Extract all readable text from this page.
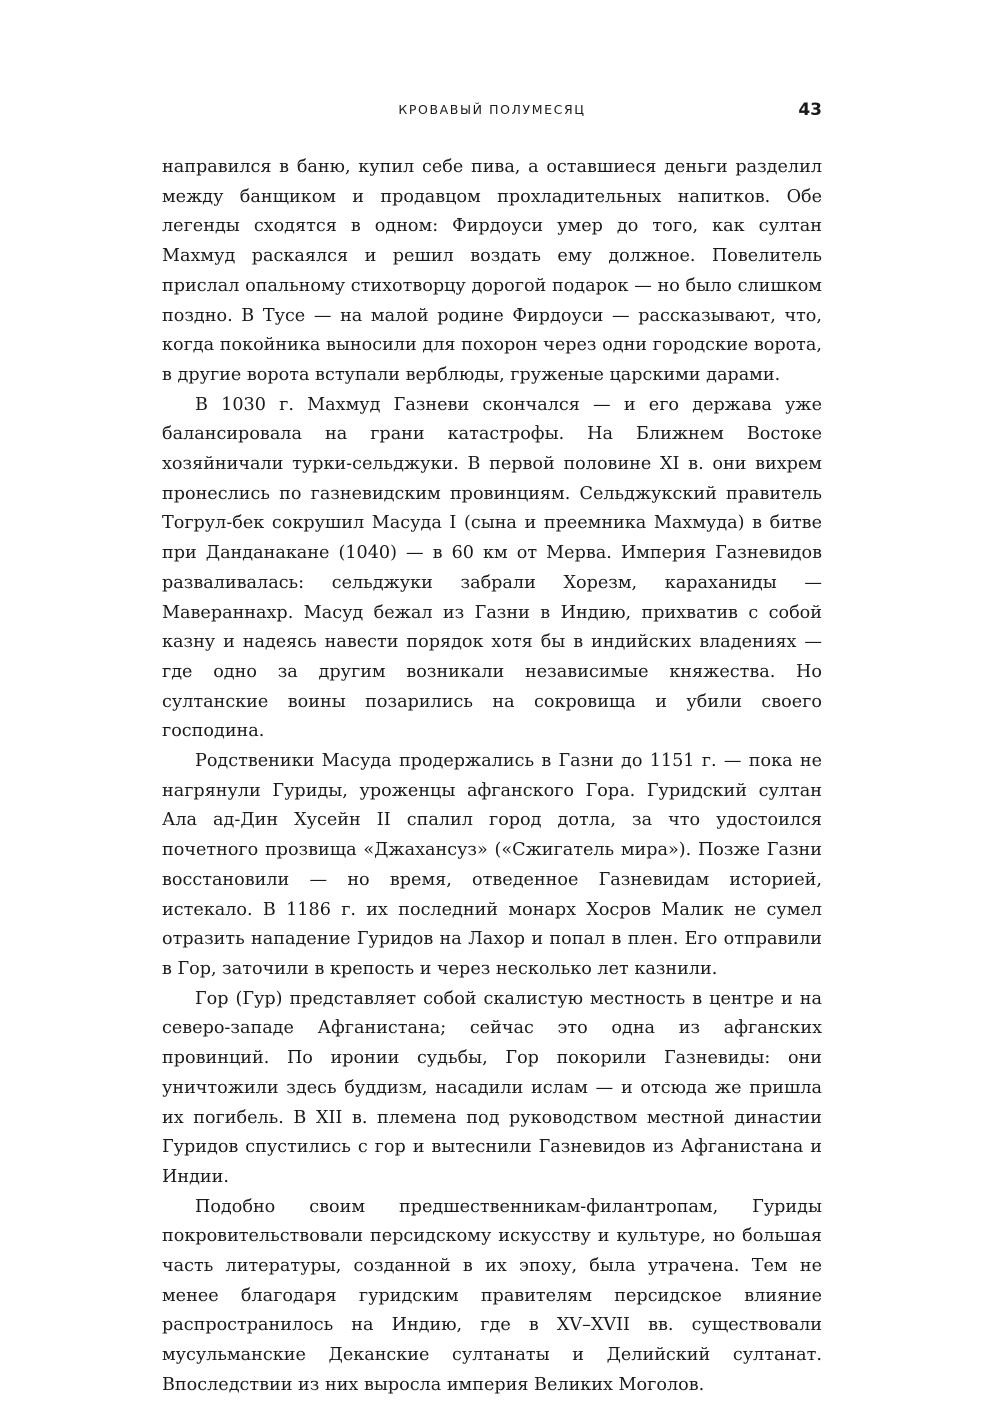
КРОВАВЫЙ ПОЛУМЕСЯЦ	43

направился в баню, купил себе пива, а оставшиеся деньги разделил между банщиком и продавцом прохладительных напитков. Обе легенды сходятся в одном: Фирдоуси умер до того, как султан Махмуд раскаялся и решил воздать ему должное. Повелитель прислал опальному стихотворцу дорогой подарок — но было слишком поздно. В Тусе — на малой родине Фирдоуси — рассказывают, что, когда покойника выносили для похорон через одни городские ворота, в другие ворота вступали верблюды, груженые царскими дарами.

В 1030 г. Махмуд Газневи скончался — и его держава уже балансировала на грани катастрофы. На Ближнем Востоке хозяйничали турки-сельджуки. В первой половине XI в. они вихрем пронеслись по газневидским провинциям. Сельджукский правитель Тогрул-бек сокрушил Масуда I (сына и преемника Махмуда) в битве при Данданакане (1040) — в 60 км от Мерва. Империя Газневидов разваливалась: сельджуки забрали Хорезм, караханиды — Мавераннахр. Масуд бежал из Газни в Индию, прихватив с собой казну и надеясь навести порядок хотя бы в индийских владениях — где одно за другим возникали независимые княжества. Но султанские воины позарились на сокровища и убили своего господина.

Родственики Масуда продержались в Газни до 1151 г. — пока не нагрянули Гуриды, уроженцы афганского Гора. Гуридский султан Ала ад-Дин Хусейн II спалил город дотла, за что удостоился почетного прозвища «Джахансуз» («Сжигатель мира»). Позже Газни восстановили — но время, отведенное Газневидам историей, истекало. В 1186 г. их последний монарх Хосров Малик не сумел отразить нападение Гуридов на Лахор и попал в плен. Его отправили в Гор, заточили в крепость и через несколько лет казнили.

Гор (Гур) представляет собой скалистую местность в центре и на северо-западе Афганистана; сейчас это одна из афганских провинций. По иронии судьбы, Гор покорили Газневиды: они уничтожили здесь буддизм, насадили ислам — и отсюда же пришла их погибель. В XII в. племена под руководством местной династии Гуридов спустились с гор и вытеснили Газневидов из Афганистана и Индии.

Подобно своим предшественникам-филантропам, Гуриды покровительствовали персидскому искусству и культуре, но большая часть литературы, созданной в их эпоху, была утрачена. Тем не менее благодаря гуридским правителям персидское влияние распространилось на Индию, где в XV–XVII вв. существовали мусульманские Деканские султанаты и Делийский султанат. Впоследствии из них выросла империя Великих Моголов.
